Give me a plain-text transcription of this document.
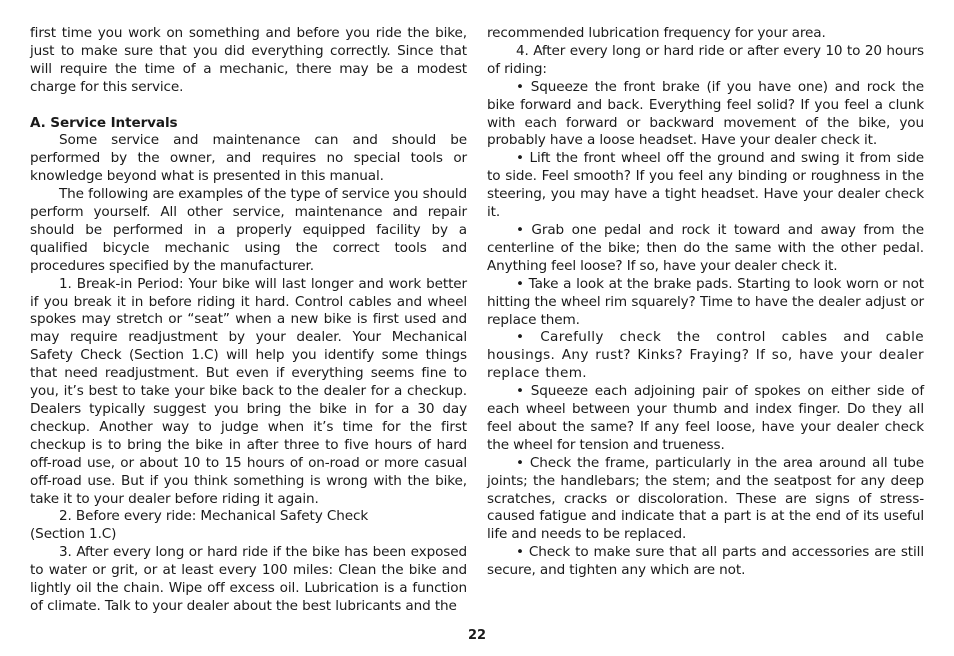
first time you work on something and before you ride the bike, just to make sure that you did everything correctly. Since that will require the time of a mechanic, there may be a modest charge for this service.

A. Service Intervals

Some service and maintenance can and should be performed by the owner, and requires no special tools or knowledge beyond what is presented in this manual.

The following are examples of the type of service you should perform yourself. All other service, maintenance and repair should be performed in a properly equipped facility by a qualified bicycle mechanic using the correct tools and procedures specified by the manufacturer.

1. Break-in Period: Your bike will last longer and work better if you break it in before riding it hard. Control cables and wheel spokes may stretch or “seat” when a new bike is first used and may require readjustment by your dealer. Your Mechanical Safety Check (Section 1.C) will help you identify some things that need readjustment. But even if everything seems fine to you, it’s best to take your bike back to the dealer for a checkup. Dealers typically suggest you bring the bike in for a 30 day checkup. Another way to judge when it’s time for the first checkup is to bring the bike in after three to five hours of hard off-road use, or about 10 to 15 hours of on-road or more casual off-road use. But if you think something is wrong with the bike, take it to your dealer before riding it again.

2. Before every ride: Mechanical Safety Check

(Section 1.C)

3. After every long or hard ride if the bike has been exposed to water or grit, or at least every 100 miles: Clean the bike and lightly oil the chain. Wipe off excess oil. Lubrication is a function of climate. Talk to your dealer about the best lubricants and the

recommended lubrication frequency for your area.

4. After every long or hard ride or after every 10 to 20 hours of riding:

• Squeeze the front brake (if you have one) and rock the bike forward and back. Everything feel solid? If you feel a clunk with each forward or backward movement of the bike, you probably have a loose headset. Have your dealer check it.

• Lift the front wheel off the ground and swing it from side to side. Feel smooth? If you feel any binding or roughness in the steering, you may have a tight headset. Have your dealer check it.

• Grab one pedal and rock it toward and away from the centerline of the bike; then do the same with the other pedal. Anything feel loose? If so, have your dealer check it.

• Take a look at the brake pads. Starting to look worn or not hitting the wheel rim squarely? Time to have the dealer adjust or replace them.

• Carefully check the control cables and cable housings. Any rust? Kinks? Fraying? If so, have your dealer replace them.

• Squeeze each adjoining pair of spokes on either side of each wheel between your thumb and index finger. Do they all feel about the same? If any feel loose, have your dealer check the wheel for tension and trueness.

• Check the frame, particularly in the area around all tube joints; the handlebars; the stem; and the seatpost for any deep scratches, cracks or discoloration. These are signs of stress-caused fatigue and indicate that a part is at the end of its useful life and needs to be replaced.

• Check to make sure that all parts and accessories are still secure, and tighten any which are not.

22
